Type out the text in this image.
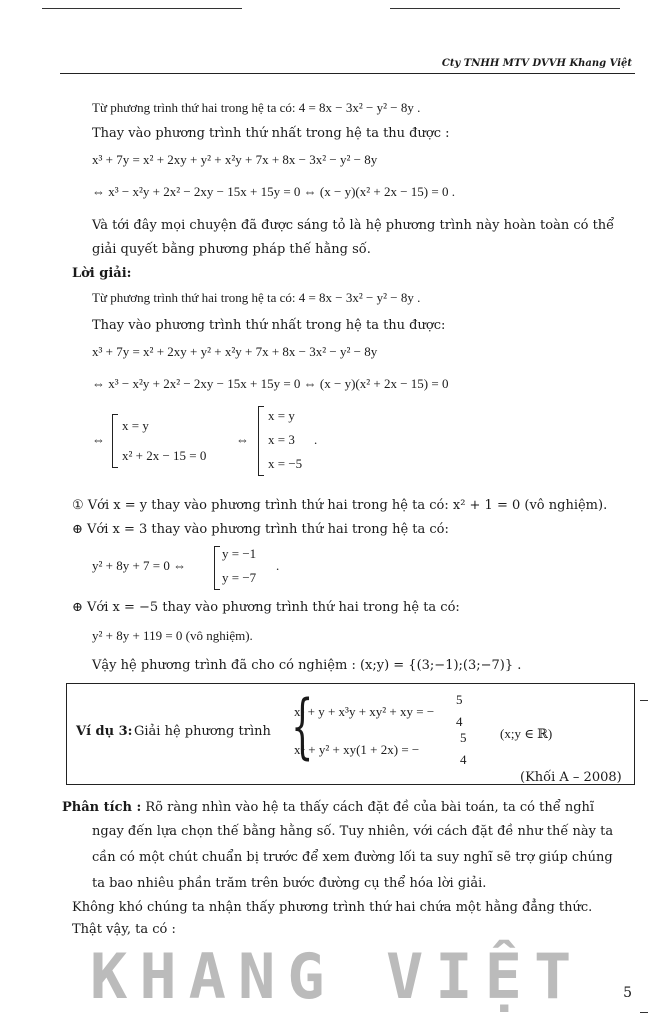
Cty TNHH MTV DVVH Khang Việt
Từ phương trình thứ hai trong hệ ta có: 4 = 8x − 3x² − y² − 8y .
Thay vào phương trình thứ nhất trong hệ ta thu được :
x³ + 7y = x² + 2xy + y² + x²y + 7x + 8x − 3x² − y² − 8y
⇔ x³ − x²y + 2x² − 2xy − 15x + 15y = 0 ⇔ (x − y)(x² + 2x − 15) = 0 .
Và tới đây mọi chuyện đã được sáng tỏ là hệ phương trình này hoàn toàn có thể
giải quyết bằng phương pháp thế hằng số.
Lời giải:
Từ phương trình thứ hai trong hệ ta có: 4 = 8x − 3x² − y² − 8y .
Thay vào phương trình thứ nhất trong hệ ta thu được:
x³ + 7y = x² + 2xy + y² + x²y + 7x + 8x − 3x² − y² − 8y
⇔ x³ − x²y + 2x² − 2xy − 15x + 15y = 0 ⇔ (x − y)(x² + 2x − 15) = 0
⇔
x = y
x² + 2x − 15 = 0
⇔
x = y
x = 3 .
x = −5
① Với x = y thay vào phương trình thứ hai trong hệ ta có: x² + 1 = 0 (vô nghiệm).
⊕ Với x = 3 thay vào phương trình thứ hai trong hệ ta có:
y² + 8y + 7 = 0 ⇔
y = −1
y = −7
.
⊕ Với x = −5 thay vào phương trình thứ hai trong hệ ta có:
y² + 8y + 119 = 0 (vô nghiệm).
Vậy hệ phương trình đã cho có nghiệm : (x;y) = {(3;−1);(3;−7)} .
Ví dụ 3: Giải hệ phương trình {
x² + y + x³y + xy² + xy = −
5
4
x⁴ + y² + xy(1 + 2x) = −
5
4
(x;y ∈ ℝ)
(Khối A – 2008)
Phân tích : Rõ ràng nhìn vào hệ ta thấy cách đặt đề của bài toán, ta có thể nghĩ
ngay đến lựa chọn thế bằng hằng số. Tuy nhiên, với cách đặt đề như thế này ta
cần có một chút chuẩn bị trước để xem đường lối ta suy nghĩ sẽ trợ giúp chúng
ta bao nhiêu phần trăm trên bước đường cụ thể hóa lời giải.
Không khó chúng ta nhận thấy phương trình thứ hai chứa một hằng đẳng thức.
Thật vậy, ta có :
KHANG VIỆT	5
